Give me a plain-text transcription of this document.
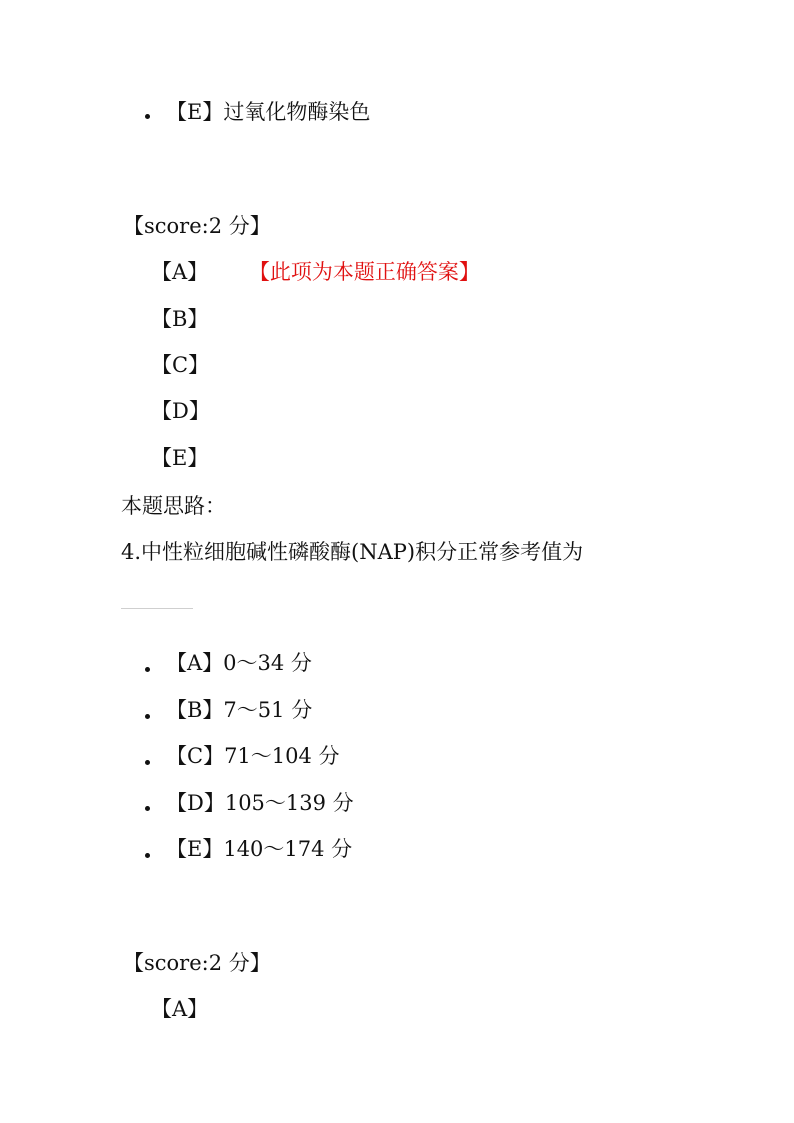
【E】过氧化物酶染色
【score:2 分】
【A】 【此项为本题正确答案】
【B】
【C】
【D】
【E】
本题思路：
4.中性粒细胞碱性磷酸酶(NAP)积分正常参考值为
【A】0～34 分
【B】7～51 分
【C】71～104 分
【D】105～139 分
【E】140～174 分
【score:2 分】
【A】
